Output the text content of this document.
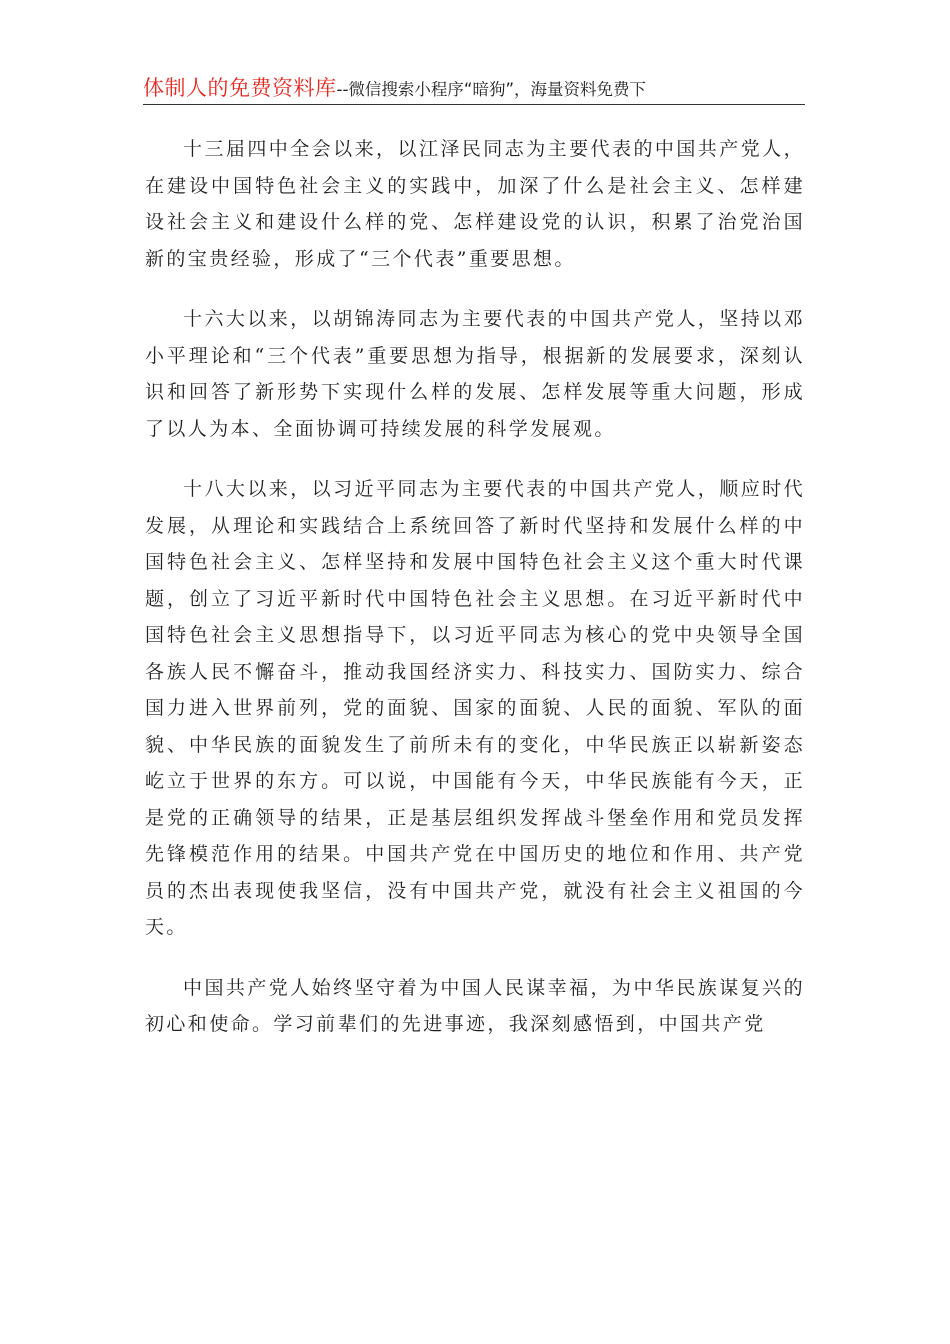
体制人的免费资料库--微信搜索小程序“暗狗”，海量资料免费下

十三届四中全会以来，以江泽民同志为主要代表的中国共产党人，在建设中国特色社会主义的实践中，加深了什么是社会主义、怎样建设社会主义和建设什么样的党、怎样建设党的认识，积累了治党治国新的宝贵经验，形成了“三个代表”重要思想。

十六大以来，以胡锦涛同志为主要代表的中国共产党人，坚持以邓小平理论和“三个代表”重要思想为指导，根据新的发展要求，深刻认识和回答了新形势下实现什么样的发展、怎样发展等重大问题，形成了以人为本、全面协调可持续发展的科学发展观。

十八大以来，以习近平同志为主要代表的中国共产党人，顺应时代发展，从理论和实践结合上系统回答了新时代坚持和发展什么样的中国特色社会主义、怎样坚持和发展中国特色社会主义这个重大时代课题，创立了习近平新时代中国特色社会主义思想。在习近平新时代中国特色社会主义思想指导下，以习近平同志为核心的党中央领导全国各族人民不懈奋斗，推动我国经济实力、科技实力、国防实力、综合国力进入世界前列，党的面貌、国家的面貌、人民的面貌、军队的面貌、中华民族的面貌发生了前所未有的变化，中华民族正以崭新姿态屹立于世界的东方。可以说，中国能有今天，中华民族能有今天，正是党的正确领导的结果，正是基层组织发挥战斗堡垒作用和党员发挥先锋模范作用的结果。中国共产党在中国历史的地位和作用、共产党员的杰出表现使我坚信，没有中国共产党，就没有社会主义祖国的今天。

中国共产党人始终坚守着为中国人民谋幸福，为中华民族谋复兴的初心和使命。学习前辈们的先进事迹，我深刻感悟到，中国共产党
